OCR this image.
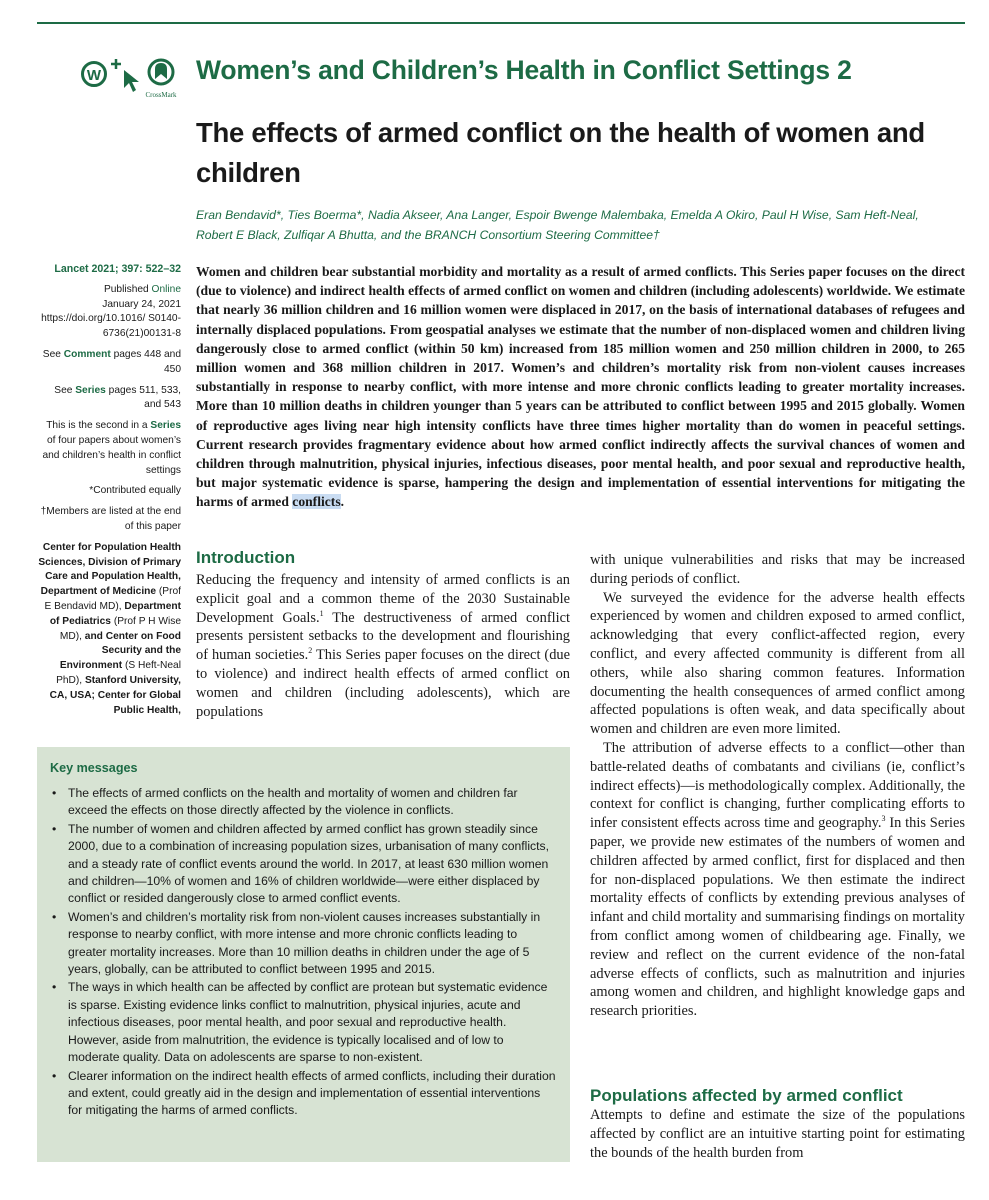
W
CrossMark
Women’s and Children’s Health in Conflict Settings 2
The effects of armed conflict on the health of women and children
Eran Bendavid*, Ties Boerma*, Nadia Akseer, Ana Langer, Espoir Bwenge Malembaka, Emelda A Okiro, Paul H Wise, Sam Heft-Neal, Robert E Black, Zulfiqar A Bhutta, and the BRANCH Consortium Steering Committee†
Lancet 2021; 397: 522–32
Published Online
January 24, 2021
https://doi.org/10.1016/ S0140-6736(21)00131-8
See Comment pages 448 and 450
See Series pages 511, 533, and 543
This is the second in a Series of four papers about women’s and children’s health in conflict settings
*Contributed equally
†Members are listed at the end of this paper
Center for Population Health Sciences, Division of Primary Care and Population Health, Department of Medicine (Prof E Bendavid MD), Department of Pediatrics (Prof P H Wise MD), and Center on Food Security and the Environment (S Heft-Neal PhD), Stanford University, CA, USA; Center for Global Public Health,
Women and children bear substantial morbidity and mortality as a result of armed conflicts. This Series paper focuses on the direct (due to violence) and indirect health effects of armed conflict on women and children (including adolescents) worldwide. We estimate that nearly 36 million children and 16 million women were displaced in 2017, on the basis of international databases of refugees and internally displaced populations. From geospatial analyses we estimate that the number of non-displaced women and children living dangerously close to armed conflict (within 50 km) increased from 185 million women and 250 million children in 2000, to 265 million women and 368 million children in 2017. Women’s and children’s mortality risk from non-violent causes increases substantially in response to nearby conflict, with more intense and more chronic conflicts leading to greater mortality increases. More than 10 million deaths in children younger than 5 years can be attributed to conflict between 1995 and 2015 globally. Women of reproductive ages living near high intensity conflicts have three times higher mortality than do women in peaceful settings. Current research provides fragmentary evidence about how armed conflict indirectly affects the survival chances of women and children through malnutrition, physical injuries, infectious diseases, poor mental health, and poor sexual and reproductive health, but major systematic evidence is sparse, hampering the design and implementation of essential interventions for mitigating the harms of armed conflicts.
Introduction

Reducing the frequency and intensity of armed conflicts is an explicit goal and a common theme of the 2030 Sustainable Development Goals.$^1$ The destructiveness of armed conflict presents persistent setbacks to the development and flourishing of human societies.$^2$ This Series paper focuses on the direct (due to violence) and indirect health effects of armed conflict on women and children (including adolescents), which are populations

with unique vulnerabilities and risks that may be increased during periods of conflict.

We surveyed the evidence for the adverse health effects experienced by women and children exposed to armed conflict, acknowledging that every conflict-affected region, every conflict, and every affected community is different from all others, while also sharing common features. Information documenting the health consequences of armed conflict among affected populations is often weak, and data specifically about women and children are even more limited.

The attribution of adverse effects to a conflict—other than battle-related deaths of combatants and civilians (ie, conflict’s indirect effects)—is methodologically complex. Additionally, the context for conflict is changing, further complicating efforts to infer consistent effects across time and geography.$^3$ In this Series paper, we provide new estimates of the numbers of women and children affected by armed conflict, first for displaced and then for non-displaced populations. We then estimate the indirect mortality effects of conflicts by extending previous analyses of infant and child mortality and summarising findings on mortality from conflict among women of childbearing age. Finally, we review and reflect on the current evidence of the non-fatal adverse effects of conflicts, such as malnutrition and injuries among women and children, and highlight knowledge gaps and research priorities.

Populations affected by armed conflict

Attempts to define and estimate the size of the populations affected by conflict are an intuitive starting point for estimating the bounds of the health burden from

Key messages
• The effects of armed conflicts on the health and mortality of women and children far exceed the effects on those directly affected by the violence in conflicts.
• The number of women and children affected by armed conflict has grown steadily since 2000, due to a combination of increasing population sizes, urbanisation of many conflicts, and a steady rate of conflict events around the world. In 2017, at least 630 million women and children—10% of women and 16% of children worldwide—were either displaced by conflict or resided dangerously close to armed conflict events.
• Women’s and children’s mortality risk from non-violent causes increases substantially in response to nearby conflict, with more intense and more chronic conflicts leading to greater mortality increases. More than 10 million deaths in children under the age of 5 years, globally, can be attributed to conflict between 1995 and 2015.
• The ways in which health can be affected by conflict are protean but systematic evidence is sparse. Existing evidence links conflict to malnutrition, physical injuries, acute and infectious diseases, poor mental health, and poor sexual and reproductive health. However, aside from malnutrition, the evidence is typically localised and of low to moderate quality. Data on adolescents are sparse to non-existent.
• Clearer information on the indirect health effects of armed conflicts, including their duration and extent, could greatly aid in the design and implementation of essential interventions for mitigating the harms of armed conflicts.
